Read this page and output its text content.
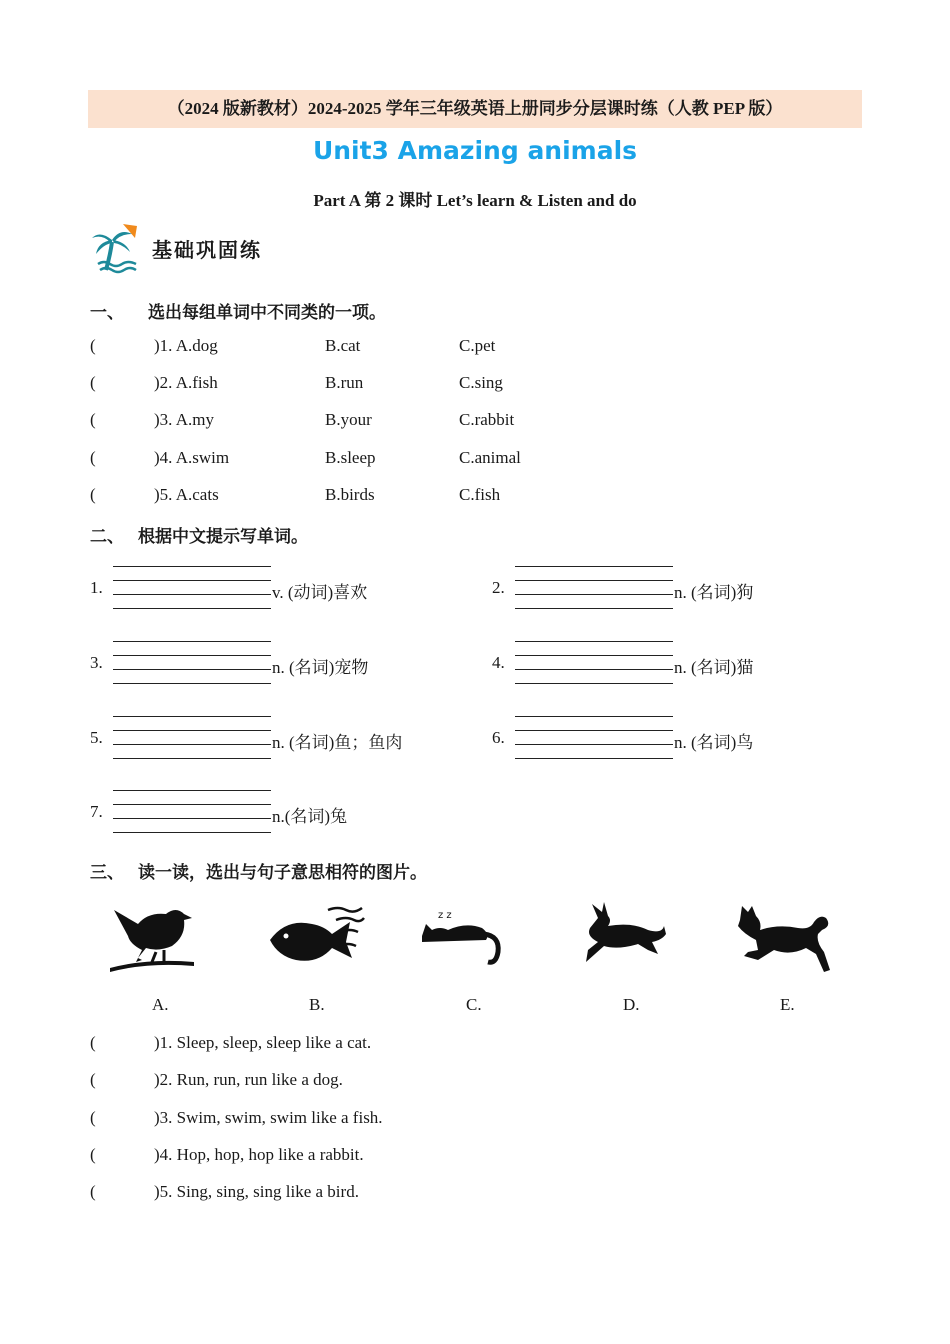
（2024 版新教材）2024-2025 学年三年级英语上册同步分层课时练（人教 PEP 版）
Unit3 Amazing animals
Part A 第 2 课时 Let’s learn & Listen and do
基础巩固练
一、 选出每组单词中不同类的一项。
(	)1. A.dog	B.cat	C.pet
(	)2. A.fish	B.run	C.sing
(	)3. A.my	B.your	C.rabbit
(	)4. A.swim	B.sleep	C.animal
(	)5. A.cats	B.birds	C.fish
二、 根据中文提示写单词。
1.	v. (动词)喜欢	2.	n. (名词)狗
3.	n. (名词)宠物	4.	n. (名词)猫
5.	n. (名词)鱼；鱼肉	6.	n. (名词)鸟
7.	n.(名词)兔
三、 读一读，选出与句子意思相符的图片。
z z
A.	B.	C.	D.	E.
(	)1. Sleep, sleep, sleep like a cat.
(	)2. Run, run, run like a dog.
(	)3. Swim, swim, swim like a fish.
(	)4. Hop, hop, hop like a rabbit.
(	)5. Sing, sing, sing like a bird.
